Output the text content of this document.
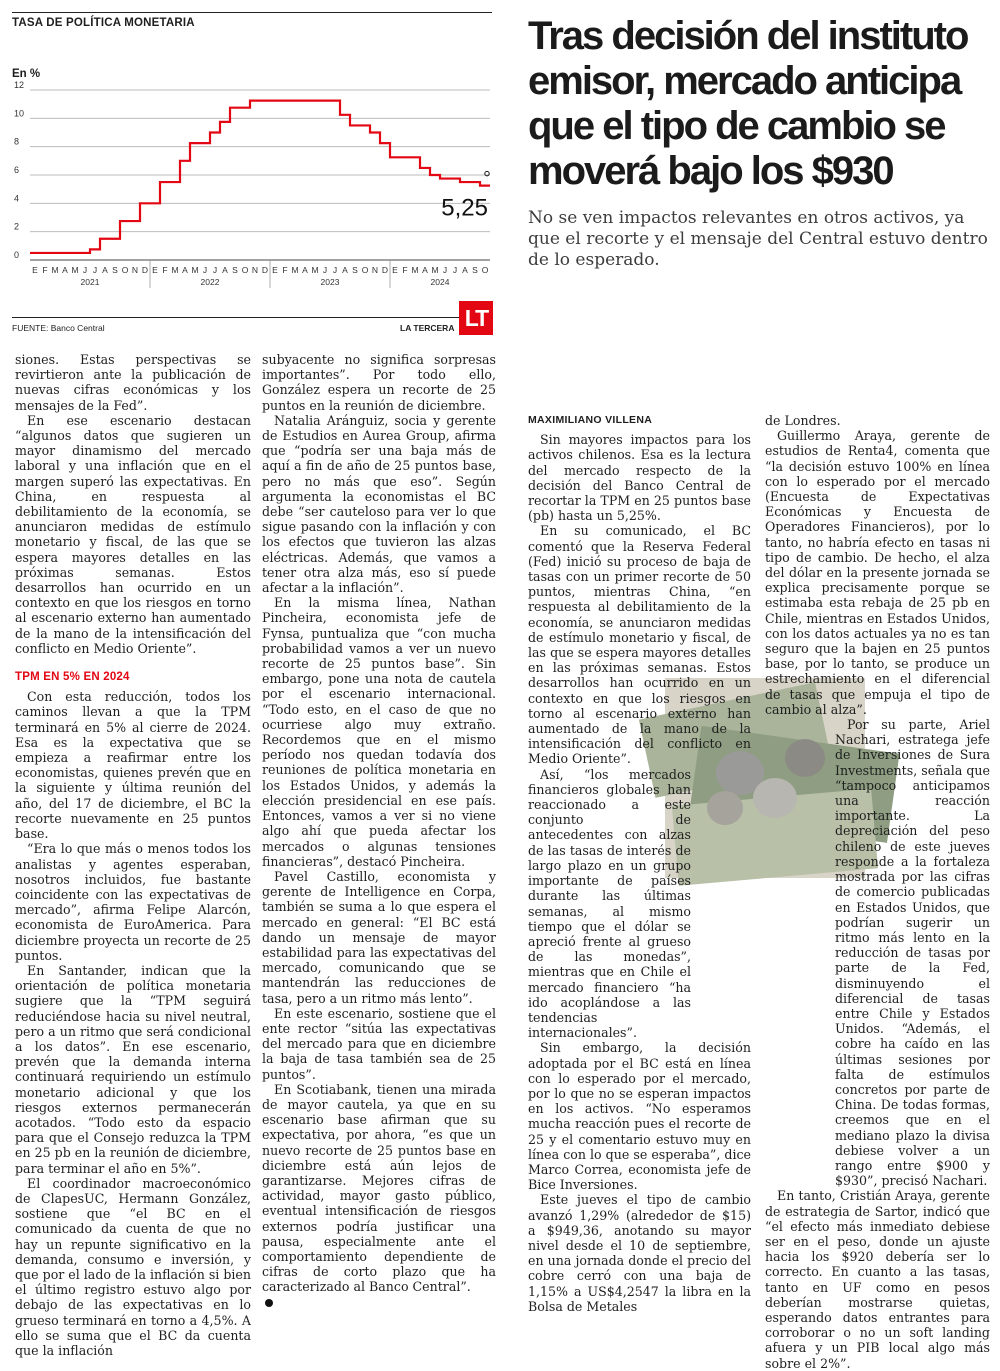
TASA DE POLÍTICA MONETARIA
En %
0
2
4
6
8
10
12
5,25
E F M A M J J A S O N D E F M A M J J A S O N D E F M A M J J A S O N D E F M A M J J A S O
2021	2022	2023	2024
FUENTE: Banco Central	LA TERCERA LT
Tras decisión del instituto emisor, mercado anticipa que el tipo de cambio se moverá bajo los $930

No se ven impactos relevantes en otros activos, ya que el recorte y el mensaje del Central estuvo dentro de lo esperado.

siones. Estas perspectivas se revirtieron ante la publicación de nuevas cifras económicas y los mensajes de la Fed”.

En ese escenario destacan “algunos datos que sugieren un mayor dinamismo del mercado laboral y una inflación que en el margen superó las expectativas. En China, en respuesta al debilitamiento de la economía, se anunciaron medidas de estímulo monetario y fiscal, de las que se espera mayores detalles en las próximas semanas. Estos desarrollos han ocurrido en un contexto en que los riesgos en torno al escenario externo han aumentado de la mano de la intensificación del conflicto en Medio Oriente”.

TPM EN 5% EN 2024

Con esta reducción, todos los caminos llevan a que la TPM terminará en 5% al cierre de 2024. Esa es la expectativa que se empieza a reafirmar entre los economistas, quienes prevén que en la siguiente y última reunión del año, del 17 de diciembre, el BC la recorte nuevamente en 25 puntos base.

“Era lo que más o menos todos los analistas y agentes esperaban, nosotros incluidos, fue bastante coincidente con las expectativas de mercado”, afirma Felipe Alarcón, economista de EuroAmerica. Para diciembre proyecta un recorte de 25 puntos.

En Santander, indican que la orientación de política monetaria sugiere que la “TPM seguirá reduciéndose hacia su nivel neutral, pero a un ritmo que será condicional a los datos”. En ese escenario, prevén que la demanda interna continuará requiriendo un estímulo monetario adicional y que los riesgos externos permanecerán acotados. “Todo esto da espacio para que el Consejo reduzca la TPM en 25 pb en la reunión de diciembre, para terminar el año en 5%”.

El coordinador macroeconómico de ClapesUC, Hermann González, sostiene que “el BC en el comunicado da cuenta de que no hay un repunte significativo en la demanda, consumo e inversión, y que por el lado de la inflación si bien el último registro estuvo algo por debajo de las expectativas en lo grueso terminará en torno a 4,5%. A ello se suma que el BC da cuenta que la inflación

subyacente no significa sorpresas importantes”. Por todo ello, González espera un recorte de 25 puntos en la reunión de diciembre.

Natalia Aránguiz, socia y gerente de Estudios en Aurea Group, afirma que “podría ser una baja más de aquí a fin de año de 25 puntos base, pero no más que eso”. Según argumenta la economistas el BC debe “ser cauteloso para ver lo que sigue pasando con la inflación y con los efectos que tuvieron las alzas eléctricas. Además, que vamos a tener otra alza más, eso sí puede afectar a la inflación”.

En la misma línea, Nathan Pincheira, economista jefe de Fynsa, puntualiza que “con mucha probabilidad vamos a ver un nuevo recorte de 25 puntos base”. Sin embargo, pone una nota de cautela por el escenario internacional. “Todo esto, en el caso de que no ocurriese algo muy extraño. Recordemos que en el mismo período nos quedan todavía dos reuniones de política monetaria en los Estados Unidos, y además la elección presidencial en ese país. Entonces, vamos a ver si no viene algo ahí que pueda afectar los mercados o algunas tensiones financieras”, destacó Pincheira.

Pavel Castillo, economista y gerente de Intelligence en Corpa, también se suma a lo que espera el mercado en general: “El BC está dando un mensaje de mayor estabilidad para las expectativas del mercado, comunicando que se mantendrán las reducciones de tasa, pero a un ritmo más lento”.

En este escenario, sostiene que el ente rector “sitúa las expectativas del mercado para que en diciembre la baja de tasa también sea de 25 puntos”.

En Scotiabank, tienen una mirada de mayor cautela, ya que en su escenario base afirman que su expectativa, por ahora, “es que un nuevo recorte de 25 puntos base en diciembre está aún lejos de garantizarse. Mejores cifras de actividad, mayor gasto público, eventual intensificación de riesgos externos podría justificar una pausa, especialmente ante el comportamiento dependiente de cifras de corto plazo que ha caracterizado al Banco Central”.

MAXIMILIANO VILLENA

Sin mayores impactos para los activos chilenos. Esa es la lectura del mercado respecto de la decisión del Banco Central de recortar la TPM en 25 puntos base (pb) hasta un 5,25%.

En su comunicado, el BC comentó que la Reserva Federal (Fed) inició su proceso de baja de tasas con un primer recorte de 50 puntos, mientras China, “en respuesta al debilitamiento de la economía, se anunciaron medidas de estímulo monetario y fiscal, de las que se espera mayores detalles en las próximas semanas. Estos desarrollos han ocurrido en un contexto en que los riesgos en torno al escenario externo han aumentado de la mano de la intensificación del conflicto en Medio Oriente”.

Así, “los mercados financieros globales han reaccionado a este conjunto de antecedentes con alzas de las tasas de interés de largo plazo en un grupo importante de países durante las últimas semanas, al mismo tiempo que el dólar se apreció frente al grueso de las monedas”, mientras que en Chile el mercado financiero “ha ido acoplándose a las tendencias internacionales”.

Sin embargo, la decisión adoptada por el BC está en línea con lo esperado por el mercado, por lo que no se esperan impactos en los activos. “No esperamos mucha reacción pues el recorte de 25 y el comentario estuvo muy en línea con lo que se esperaba”, dice Marco Correa, economista jefe de Bice Inversiones.

Este jueves el tipo de cambio avanzó 1,29% (alrededor de $15) a $949,36, anotando su mayor nivel desde el 10 de septiembre, en una jornada donde el precio del cobre cerró con una baja de 1,15% a US$4,2547 la libra en la Bolsa de Metales

de Londres.

Guillermo Araya, gerente de estudios de Renta4, comenta que “la decisión estuvo 100% en línea con lo esperado por el mercado (Encuesta de Expectativas Económicas y Encuesta de Operadores Financieros), por lo tanto, no habría efecto en tasas ni tipo de cambio. De hecho, el alza del dólar en la presente jornada se explica precisamente porque se estimaba esta rebaja de 25 pb en Chile, mientras en Estados Unidos, con los datos actuales ya no es tan seguro que la bajen en 25 puntos base, por lo tanto, se produce un estrechamiento en el diferencial de tasas que empuja el tipo de cambio al alza”.

Por su parte, Ariel Nachari, estratega jefe de Inversiones de Sura Investments, señala que “tampoco anticipamos una reacción importante. La depreciación del peso chileno de este jueves responde a la fortaleza mostrada por las cifras de comercio publicadas en Estados Unidos, que podrían sugerir un ritmo más lento en la reducción de tasas por parte de la Fed, disminuyendo el diferencial de tasas entre Chile y Estados Unidos. “Además, el cobre ha caído en las últimas sesiones por falta de estímulos concretos por parte de China. De todas formas, creemos que en el mediano plazo la divisa debiese volver a un rango entre $900 y $930”, precisó Nachari.

En tanto, Cristián Araya, gerente de estrategia de Sartor, indicó que “el efecto más inmediato debiese ser en el peso, donde un ajuste hacia los $920 debería ser lo correcto. En cuanto a las tasas, tanto en UF como en pesos deberían mostrarse quietas, esperando datos entrantes para corroborar o no un soft landing afuera y un PIB local algo más sobre el 2%”.
